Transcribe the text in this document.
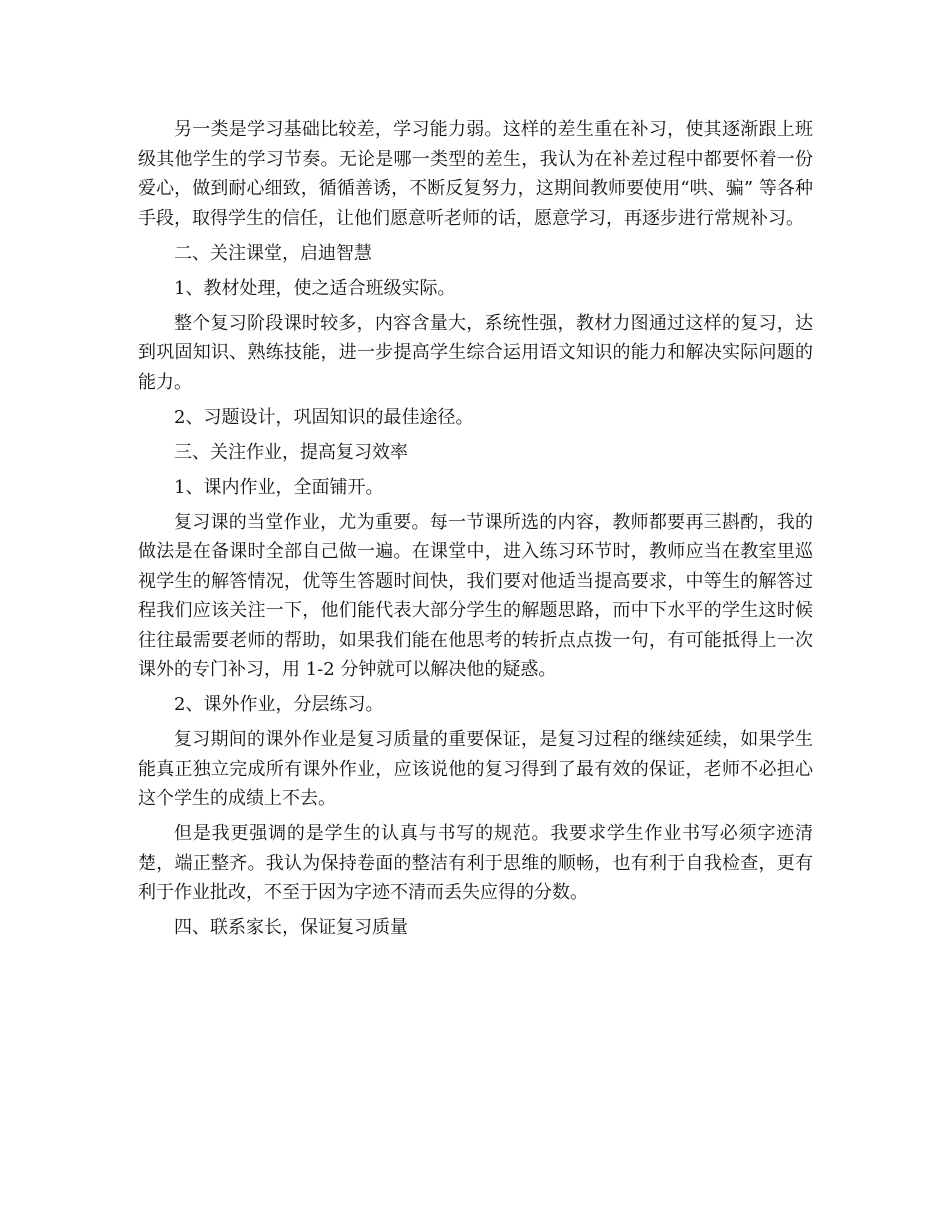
另一类是学习基础比较差，学习能力弱。这样的差生重在补习，使其逐渐跟上班级其他学生的学习节奏。无论是哪一类型的差生，我认为在补差过程中都要怀着一份爱心，做到耐心细致，循循善诱，不断反复努力，这期间教师要使用“哄、骗” 等各种手段，取得学生的信任，让他们愿意听老师的话，愿意学习，再逐步进行常规补习。

二、关注课堂，启迪智慧

1、教材处理，使之适合班级实际。

整个复习阶段课时较多，内容含量大，系统性强，教材力图通过这样的复习，达到巩固知识、熟练技能，进一步提高学生综合运用语文知识的能力和解决实际问题的能力。

2、习题设计，巩固知识的最佳途径。

三、关注作业，提高复习效率

1、课内作业，全面铺开。

复习课的当堂作业，尤为重要。每一节课所选的内容，教师都要再三斟酌，我的做法是在备课时全部自己做一遍。在课堂中，进入练习环节时，教师应当在教室里巡视学生的解答情况，优等生答题时间快，我们要对他适当提高要求，中等生的解答过程我们应该关注一下，他们能代表大部分学生的解题思路，而中下水平的学生这时候往往最需要老师的帮助，如果我们能在他思考的转折点点拨一句，有可能抵得上一次课外的专门补习，用 1-2 分钟就可以解决他的疑惑。

2、课外作业，分层练习。

复习期间的课外作业是复习质量的重要保证，是复习过程的继续延续，如果学生能真正独立完成所有课外作业，应该说他的复习得到了最有效的保证，老师不必担心这个学生的成绩上不去。

但是我更强调的是学生的认真与书写的规范。我要求学生作业书写必须字迹清楚，端正整齐。我认为保持卷面的整洁有利于思维的顺畅，也有利于自我检查，更有利于作业批改，不至于因为字迹不清而丢失应得的分数。

四、联系家长，保证复习质量
